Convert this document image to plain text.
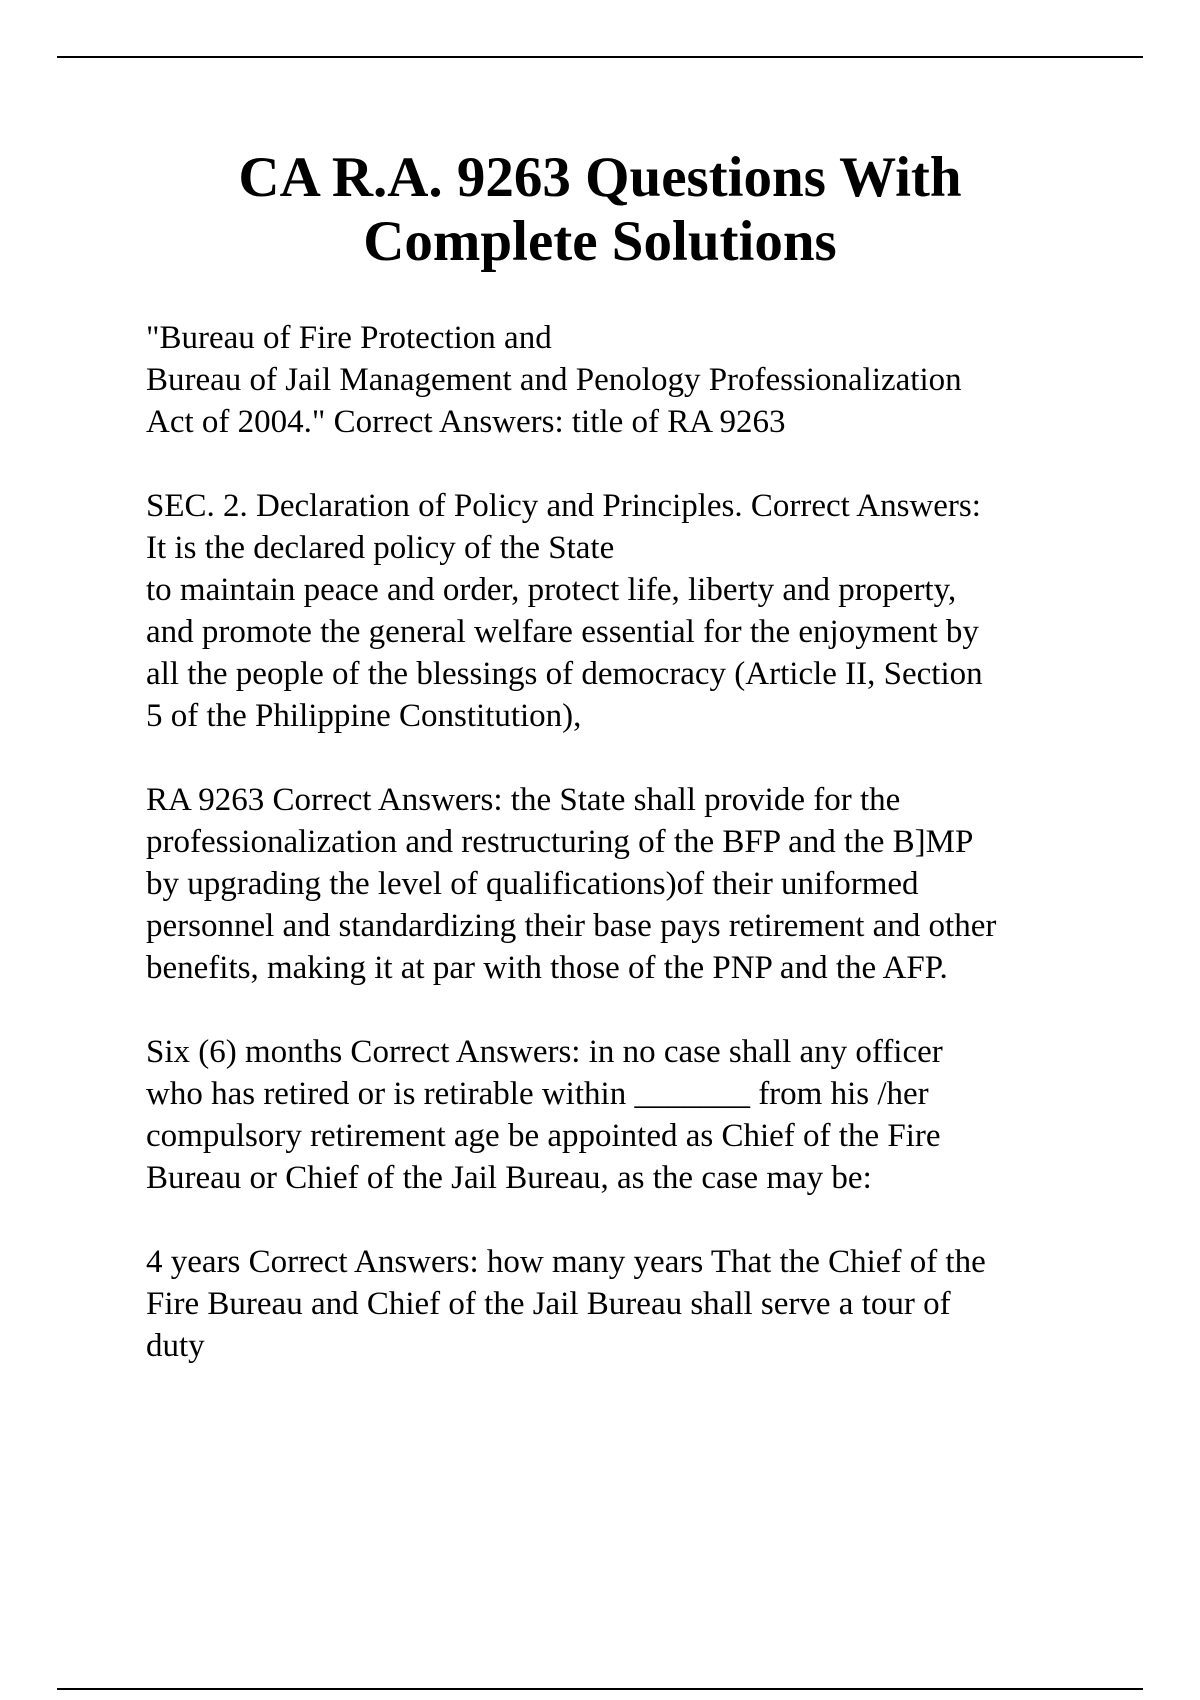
CA R.A. 9263 Questions With
Complete Solutions

"Bureau of Fire Protection and
Bureau of Jail Management and Penology Professionalization
Act of 2004." Correct Answers: title of RA 9263

SEC. 2. Declaration of Policy and Principles. Correct Answers:
It is the declared policy of the State
to maintain peace and order, protect life, liberty and property,
and promote the general welfare essential for the enjoyment by
all the people of the blessings of democracy (Article II, Section
5 of the Philippine Constitution),

RA 9263 Correct Answers: the State shall provide for the
professionalization and restructuring of the BFP and the B]MP
by upgrading the level of qualifications)of their uniformed
personnel and standardizing their base pays retirement and other
benefits, making it at par with those of the PNP and the AFP.

Six (6) months Correct Answers: in no case shall any officer
who has retired or is retirable within _______ from his /her
compulsory retirement age be appointed as Chief of the Fire
Bureau or Chief of the Jail Bureau, as the case may be:

4 years Correct Answers: how many years That the Chief of the
Fire Bureau and Chief of the Jail Bureau shall serve a tour of
duty
